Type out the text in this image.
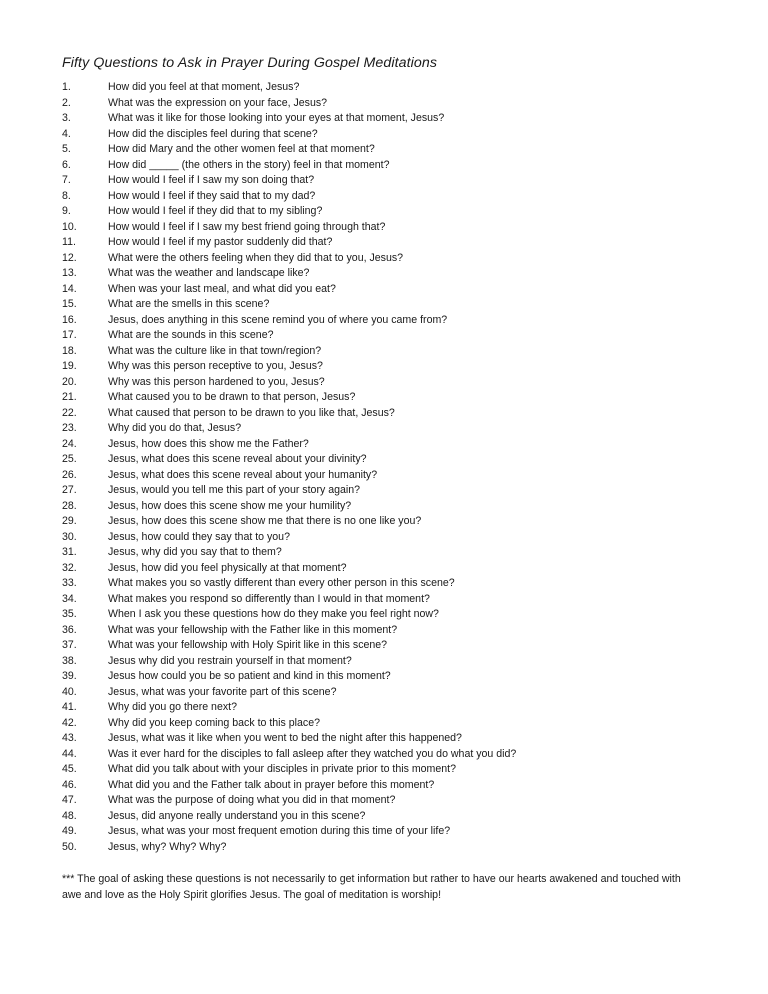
Fifty Questions to Ask in Prayer During Gospel Meditations
1.	How did you feel at that moment, Jesus?
2.	What was the expression on your face, Jesus?
3.	What was it like for those looking into your eyes at that moment, Jesus?
4.	How did the disciples feel during that scene?
5.	How did Mary and the other women feel at that moment?
6.	How did _____ (the others in the story) feel in that moment?
7.	How would I feel if I saw my son doing that?
8.	How would I feel if they said that to my dad?
9.	How would I feel if they did that to my sibling?
10.	How would I feel if I saw my best friend going through that?
11.	How would I feel if my pastor suddenly did that?
12.	What were the others feeling when they did that to you, Jesus?
13.	What was the weather and landscape like?
14.	When was your last meal, and what did you eat?
15.	What are the smells in this scene?
16.	Jesus, does anything in this scene remind you of where you came from?
17.	What are the sounds in this scene?
18.	What was the culture like in that town/region?
19.	Why was this person receptive to you, Jesus?
20.	Why was this person hardened to you, Jesus?
21.	What caused you to be drawn to that person, Jesus?
22.	What caused that person to be drawn to you like that, Jesus?
23.	Why did you do that, Jesus?
24.	Jesus, how does this show me the Father?
25.	Jesus, what does this scene reveal about your divinity?
26.	Jesus, what does this scene reveal about your humanity?
27.	Jesus, would you tell me this part of your story again?
28.	Jesus, how does this scene show me your humility?
29.	Jesus, how does this scene show me that there is no one like you?
30.	Jesus, how could they say that to you?
31.	Jesus, why did you say that to them?
32.	Jesus, how did you feel physically at that moment?
33.	What makes you so vastly different than every other person in this scene?
34.	What makes you respond so differently than I would in that moment?
35.	When I ask you these questions how do they make you feel right now?
36.	What was your fellowship with the Father like in this moment?
37.	What was your fellowship with Holy Spirit like in this scene?
38.	Jesus why did you restrain yourself in that moment?
39.	Jesus how could you be so patient and kind in this moment?
40.	Jesus, what was your favorite part of this scene?
41.	Why did you go there next?
42.	Why did you keep coming back to this place?
43.	Jesus, what was it like when you went to bed the night after this happened?
44.	Was it ever hard for the disciples to fall asleep after they watched you do what you did?
45.	What did you talk about with your disciples in private prior to this moment?
46.	What did you and the Father talk about in prayer before this moment?
47.	What was the purpose of doing what you did in that moment?
48.	Jesus, did anyone really understand you in this scene?
49.	Jesus, what was your most frequent emotion during this time of your life?
50.	Jesus, why? Why? Why?

*** The goal of asking these questions is not necessarily to get information but rather to have our hearts awakened and touched with awe and love as the Holy Spirit glorifies Jesus. The goal of meditation is worship!
